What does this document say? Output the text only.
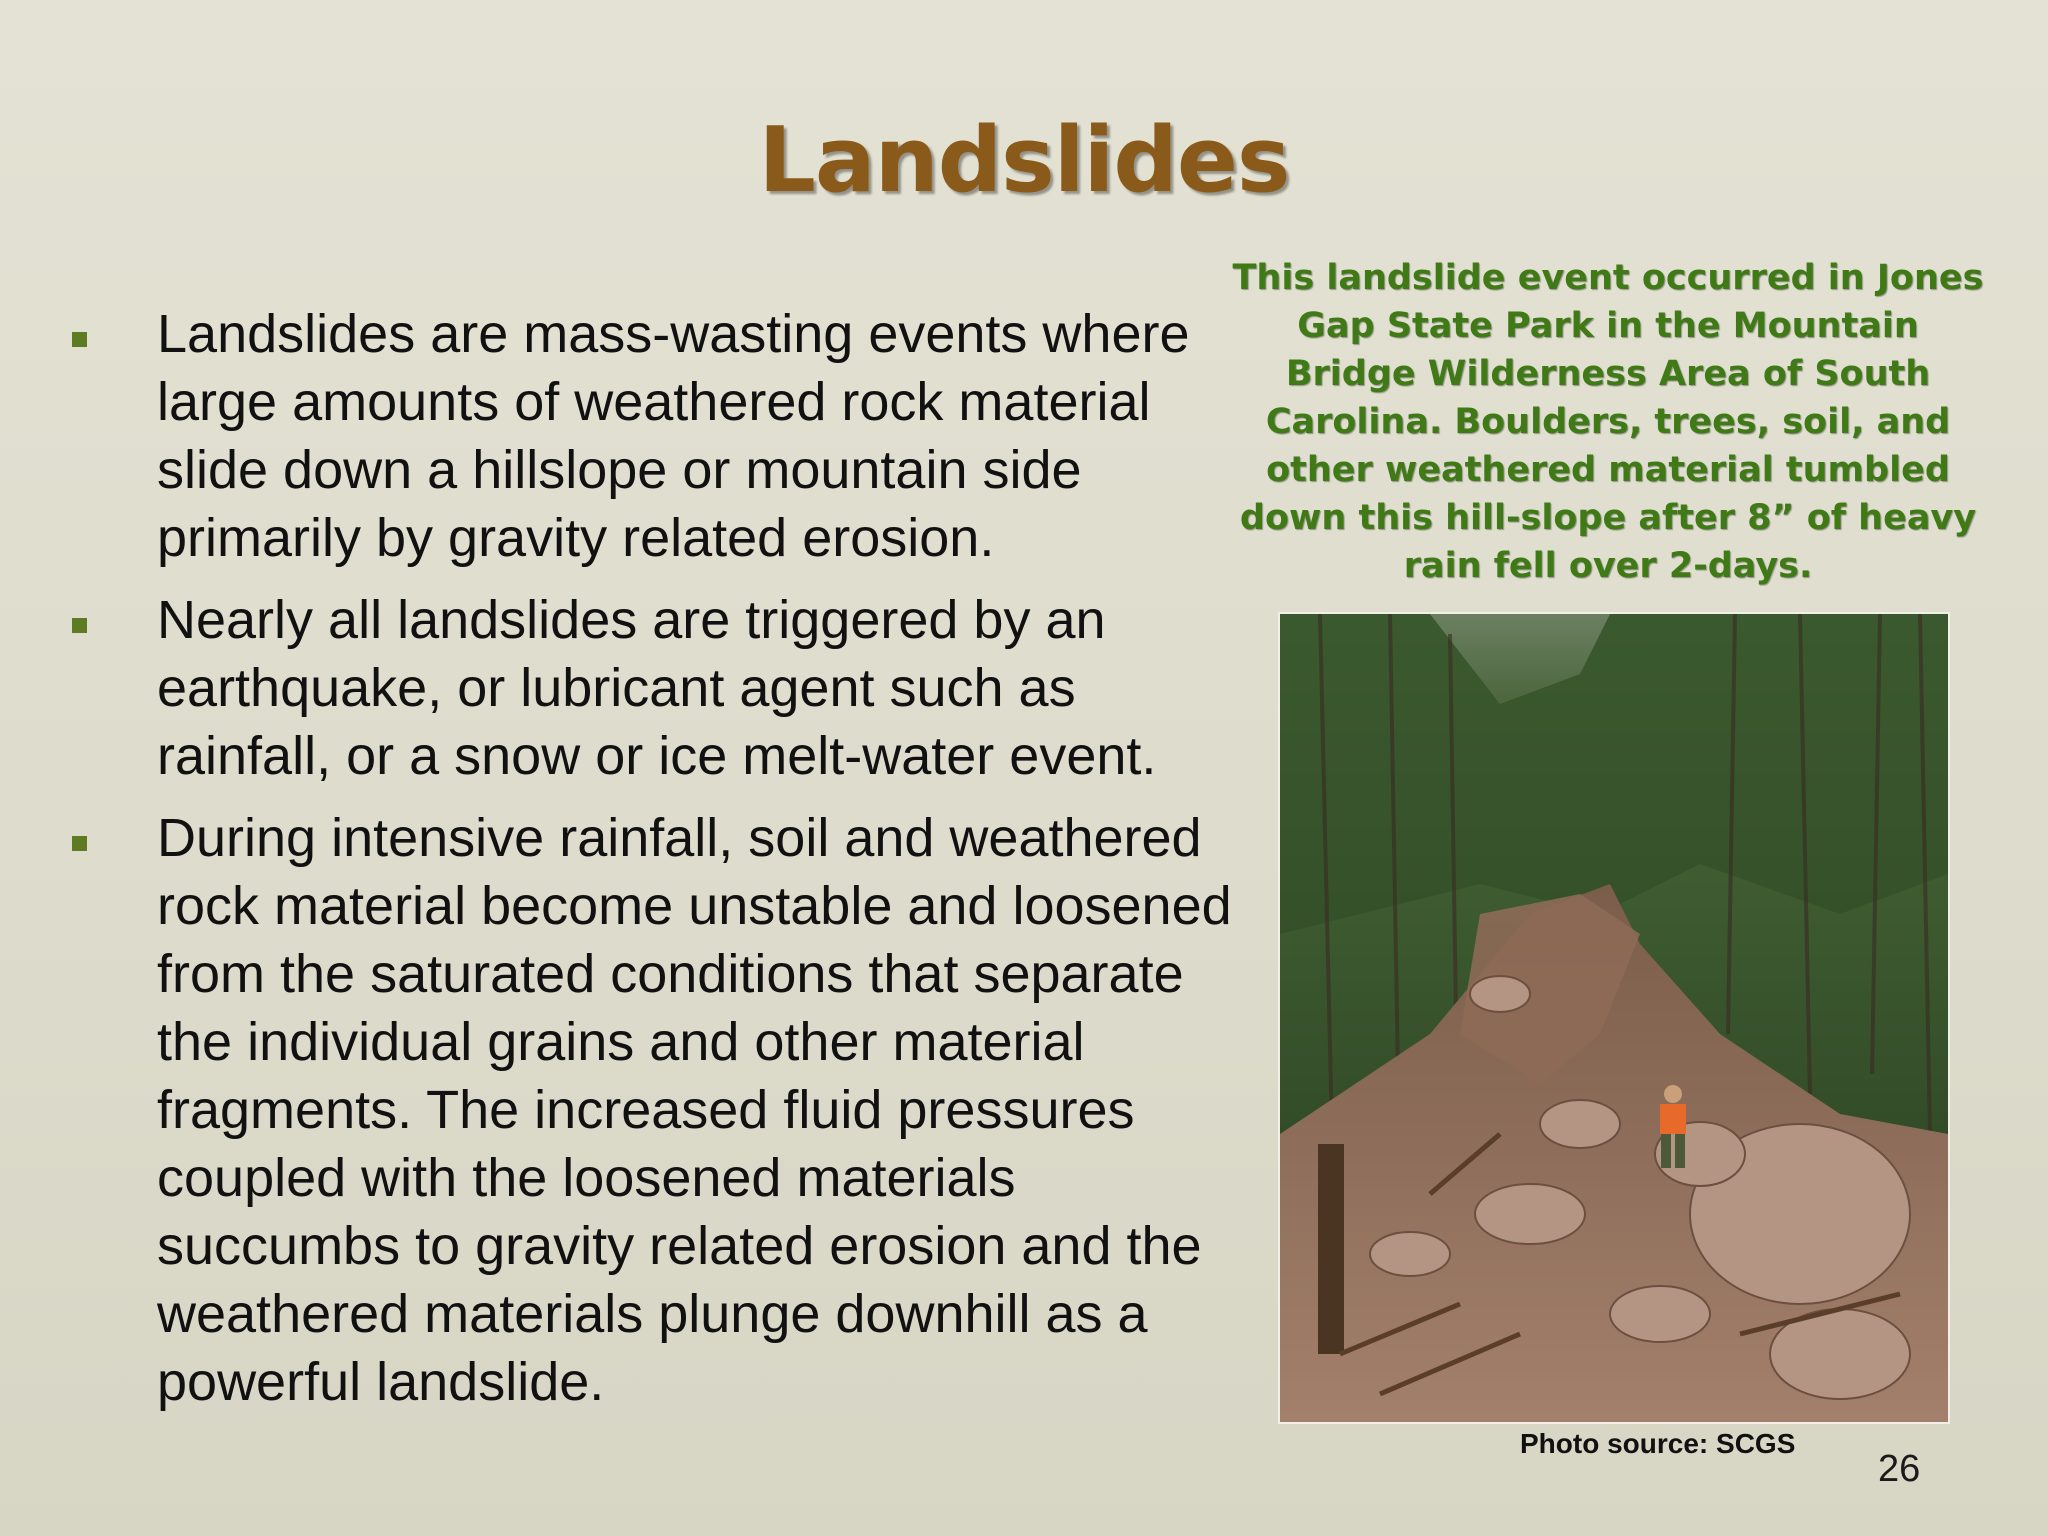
Landslides
Landslides are mass-wasting events where large amounts of weathered rock material slide down a hillslope or mountain side primarily by gravity related erosion.
Nearly all landslides are triggered by an earthquake, or lubricant agent such as rainfall, or a snow or ice melt-water event.
During intensive rainfall, soil and weathered rock material become unstable and loosened from the saturated conditions that separate the individual grains and other material fragments. The increased fluid pressures coupled with the loosened materials succumbs to gravity related erosion and the weathered materials plunge downhill as a powerful landslide.
This landslide event occurred in Jones Gap State Park in the Mountain Bridge Wilderness Area of South Carolina. Boulders, trees, soil, and other weathered material tumbled down this hill-slope after 8” of heavy rain fell over 2-days.
Photo source: SCGS
26
